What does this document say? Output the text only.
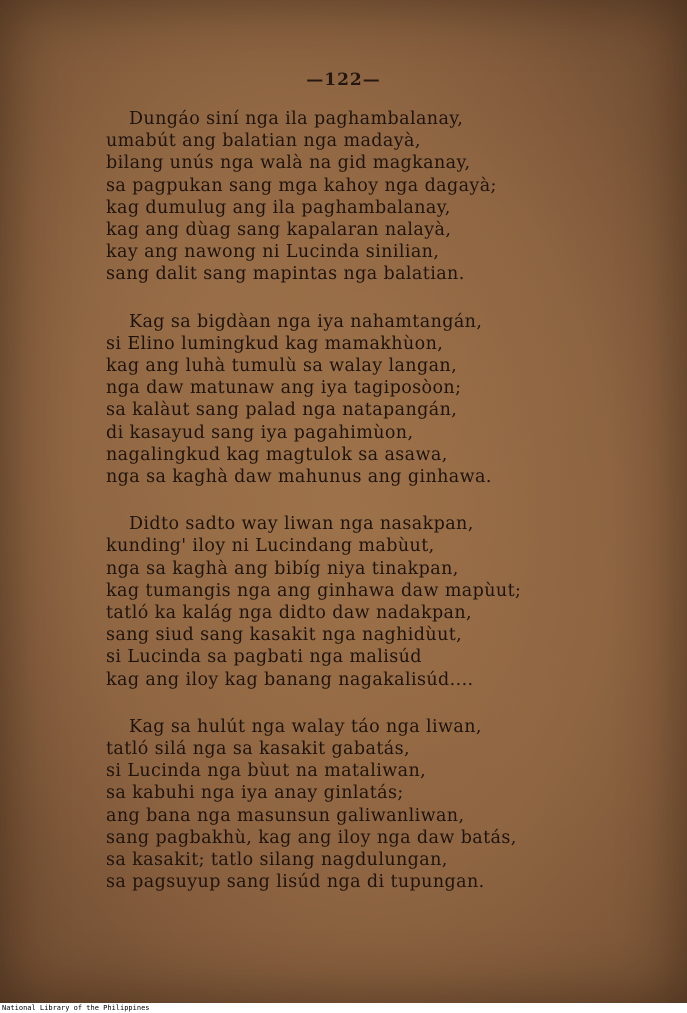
—122—
Dungáo siní nga ila paghambalanay,
umabút ang balatian nga madayà,
bilang unús nga walà na gid magkanay,
sa pagpukan sang mga kahoy nga dagayà;
kag dumulug ang ila paghambalanay,
kag ang dùag sang kapalaran nalayà,
kay ang nawong ni Lucinda sinilian,
sang dalit sang mapintas nga balatian.
Kag sa bigdàan nga iya nahamtangán,
si Elino lumingkud kag mamakhùon,
kag ang luhà tumulù sa walay langan,
nga daw matunaw ang iya tagiposòon;
sa kalàut sang palad nga natapangán,
di kasayud sang iya pagahimùon,
nagalingkud kag magtulok sa asawa,
nga sa kaghà daw mahunus ang ginhawa.
Didto sadto way liwan nga nasakpan,
kunding' iloy ni Lucindang mabùut,
nga sa kaghà ang bibíg niya tinakpan,
kag tumangis nga ang ginhawa daw mapùut;
tatló ka kalág nga didto daw nadakpan,
sang siud sang kasakit nga naghidùut,
si Lucinda sa pagbati nga malisúd
kag ang iloy kag banang nagakalisúd....
Kag sa hulút nga walay táo nga liwan,
tatló silá nga sa kasakit gabatás,
si Lucinda nga bùut na mataliwan,
sa kabuhi nga iya anay ginlatás;
ang bana nga masunsun galiwanliwan,
sang pagbakhù, kag ang iloy nga daw batás,
sa kasakit; tatlo silang nagdulungan,
sa pagsuyup sang lisúd nga di tupungan.
National Library of the Philippines
